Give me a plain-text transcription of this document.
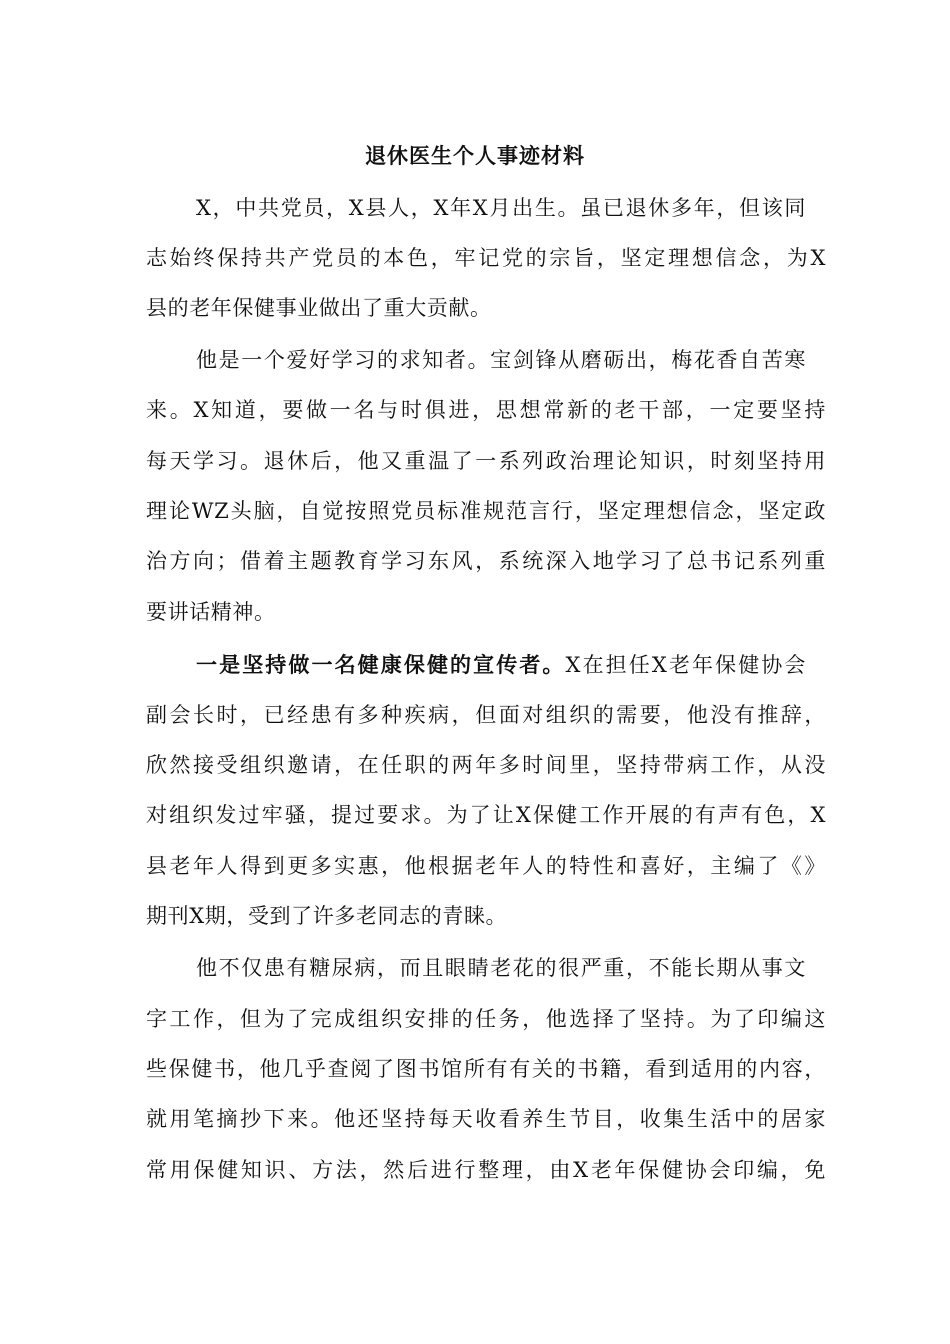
退休医生个人事迹材料
X，中共党员，X县人，X年X月出生。虽已退休多年，但该同
志始终保持共产党员的本色，牢记党的宗旨，坚定理想信念，为X
县的老年保健事业做出了重大贡献。
他是一个爱好学习的求知者。宝剑锋从磨砺出，梅花香自苦寒
来。X知道，要做一名与时俱进，思想常新的老干部，一定要坚持
每天学习。退休后，他又重温了一系列政治理论知识，时刻坚持用
理论WZ头脑，自觉按照党员标准规范言行，坚定理想信念，坚定政
治方向；借着主题教育学习东风，系统深入地学习了总书记系列重
要讲话精神。
一是坚持做一名健康保健的宣传者。X在担任X老年保健协会
副会长时，已经患有多种疾病，但面对组织的需要，他没有推辞，
欣然接受组织邀请，在任职的两年多时间里，坚持带病工作，从没
对组织发过牢骚，提过要求。为了让X保健工作开展的有声有色，X
县老年人得到更多实惠，他根据老年人的特性和喜好，主编了《》
期刊X期，受到了许多老同志的青睐。
他不仅患有糖尿病，而且眼睛老花的很严重，不能长期从事文
字工作，但为了完成组织安排的任务，他选择了坚持。为了印编这
些保健书，他几乎查阅了图书馆所有有关的书籍，看到适用的内容，
就用笔摘抄下来。他还坚持每天收看养生节目，收集生活中的居家
常用保健知识、方法，然后进行整理，由X老年保健协会印编，免
